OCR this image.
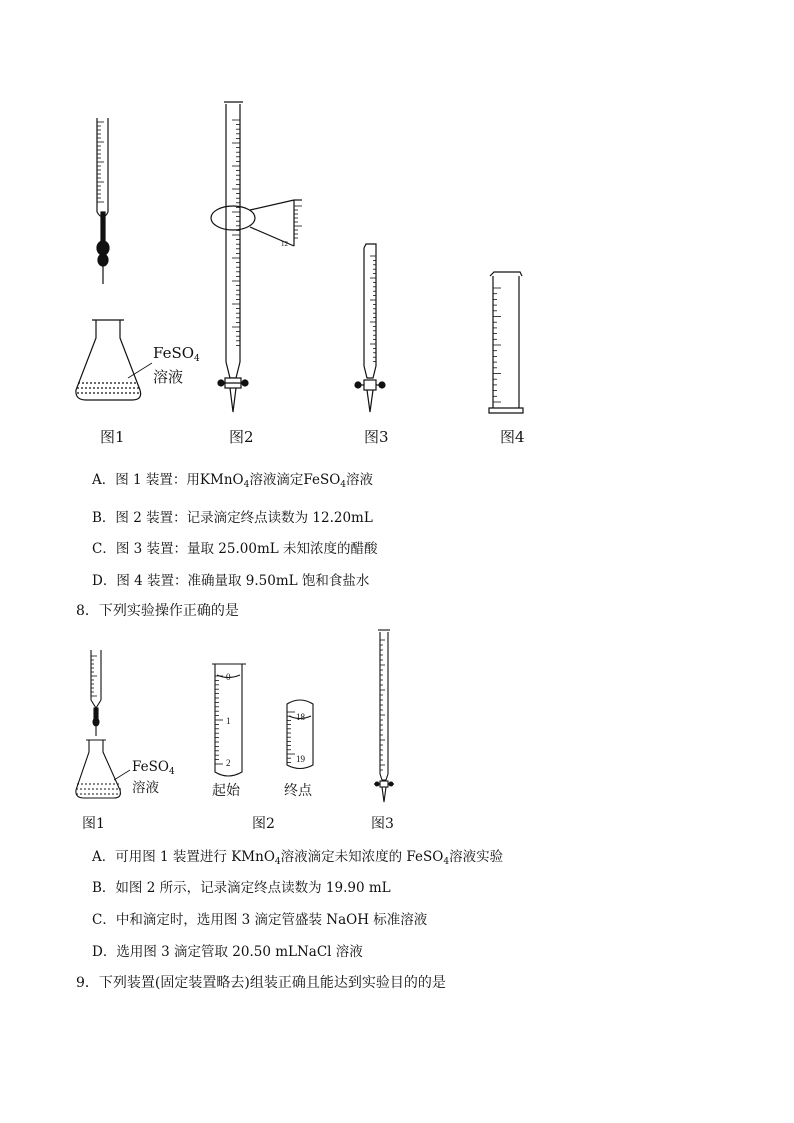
12
FeSO$_4$
溶液
图1	图2	图3	图4
A．图 1 装置：用KMnO$_4$溶液滴定FeSO$_4$溶液
B．图 2 装置：记录滴定终点读数为 12.20mL
C．图 3 装置：量取 25.00mL 未知浓度的醋酸
D．图 4 装置：准确量取 9.50mL 饱和食盐水
8．下列实验操作正确的是
0
1
2
18
19
FeSO$_4$
溶液	起始	终点
图1	图2	图3
A．可用图 1 装置进行 KMnO$_4$溶液滴定未知浓度的 FeSO$_4$溶液实验
B．如图 2 所示，记录滴定终点读数为 19.90 mL
C．中和滴定时，选用图 3 滴定管盛装 NaOH 标准溶液
D．选用图 3 滴定管取 20.50 mLNaCl 溶液
9．下列装置(固定装置略去)组装正确且能达到实验目的的是
